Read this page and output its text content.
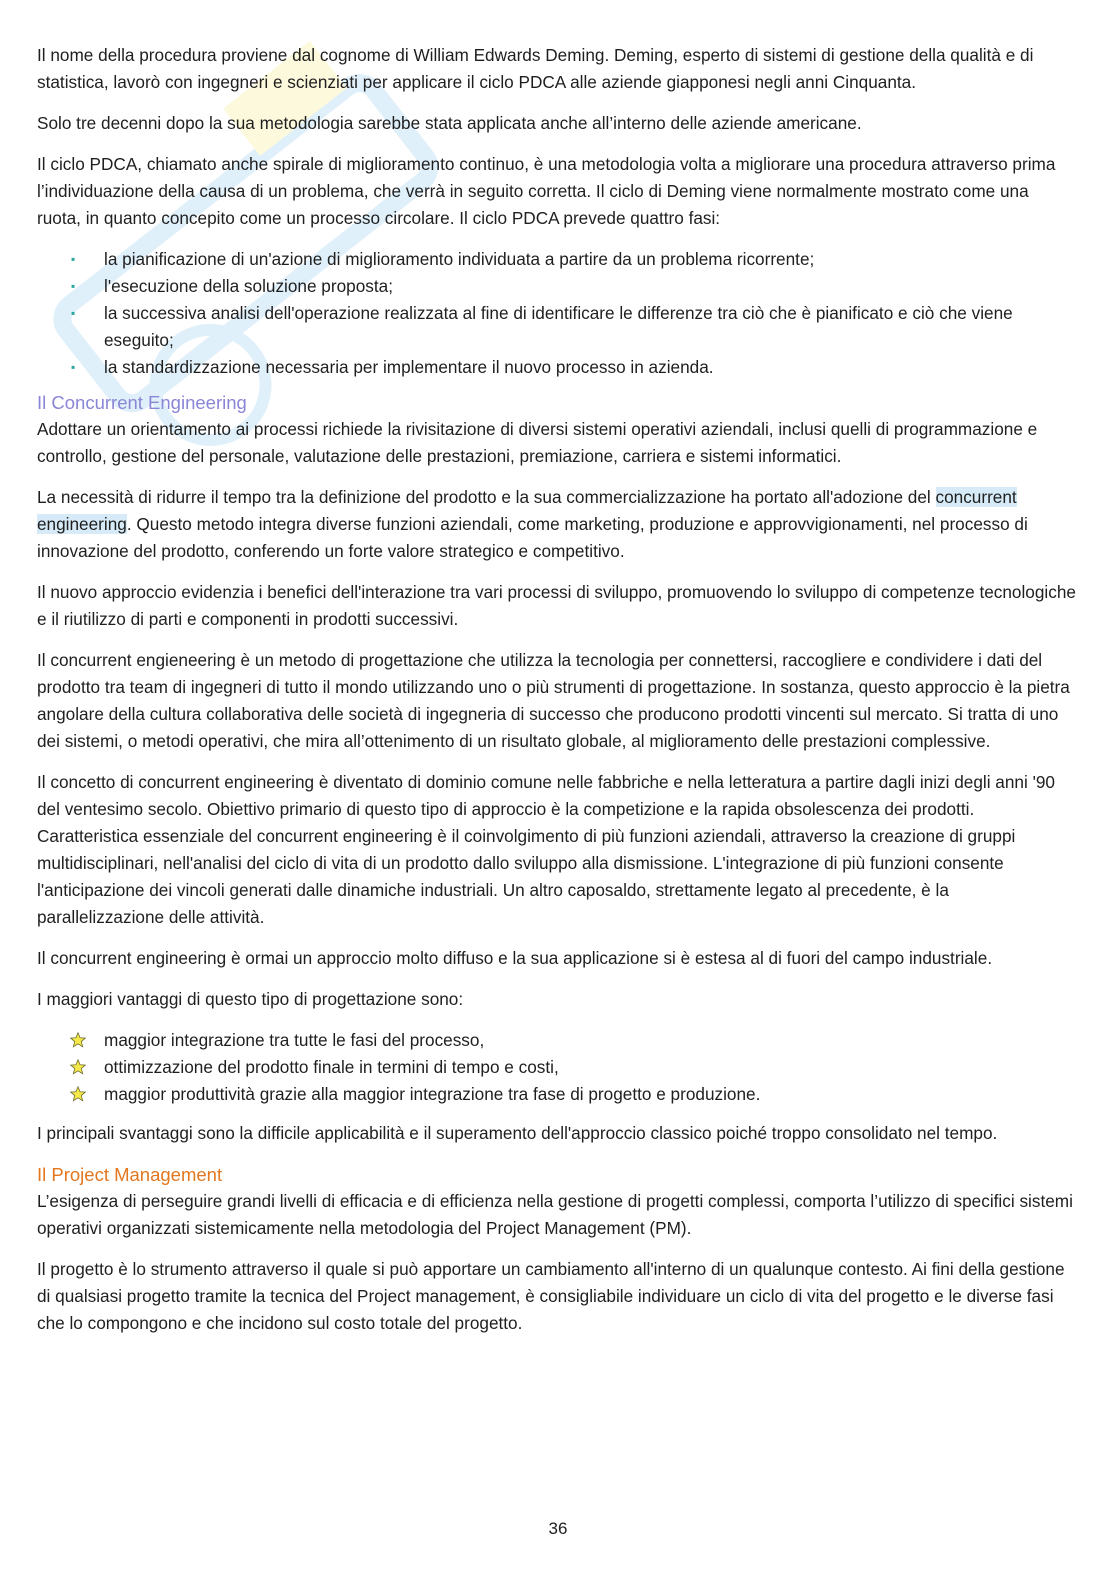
Il nome della procedura proviene dal cognome di William Edwards Deming. Deming, esperto di sistemi di gestione della qualità e di statistica, lavorò con ingegneri e scienziati per applicare il ciclo PDCA alle aziende giapponesi negli anni Cinquanta.

Solo tre decenni dopo la sua metodologia sarebbe stata applicata anche all’interno delle aziende americane.

Il ciclo PDCA, chiamato anche spirale di miglioramento continuo, è una metodologia volta a migliorare una procedura attraverso prima l’individuazione della causa di un problema, che verrà in seguito corretta. Il ciclo di Deming viene normalmente mostrato come una ruota, in quanto concepito come un processo circolare. Il ciclo PDCA prevede quattro fasi:

▪ la pianificazione di un'azione di miglioramento individuata a partire da un problema ricorrente;
▪ l'esecuzione della soluzione proposta;
▪ la successiva analisi dell'operazione realizzata al fine di identificare le differenze tra ciò che è pianificato e ciò che viene eseguito;
▪ la standardizzazione necessaria per implementare il nuovo processo in azienda.
Il Concurrent Engineering

Adottare un orientamento ai processi richiede la rivisitazione di diversi sistemi operativi aziendali, inclusi quelli di programmazione e controllo, gestione del personale, valutazione delle prestazioni, premiazione, carriera e sistemi informatici.

La necessità di ridurre il tempo tra la definizione del prodotto e la sua commercializzazione ha portato all'adozione del concurrent engineering. Questo metodo integra diverse funzioni aziendali, come marketing, produzione e approvvigionamenti, nel processo di innovazione del prodotto, conferendo un forte valore strategico e competitivo.

Il nuovo approccio evidenzia i benefici dell'interazione tra vari processi di sviluppo, promuovendo lo sviluppo di competenze tecnologiche e il riutilizzo di parti e componenti in prodotti successivi.

Il concurrent engieneering è un metodo di progettazione che utilizza la tecnologia per connettersi, raccogliere e condividere i dati del prodotto tra team di ingegneri di tutto il mondo utilizzando uno o più strumenti di progettazione. In sostanza, questo approccio è la pietra angolare della cultura collaborativa delle società di ingegneria di successo che producono prodotti vincenti sul mercato. Si tratta di uno dei sistemi, o metodi operativi, che mira all’ottenimento di un risultato globale, al miglioramento delle prestazioni complessive.

Il concetto di concurrent engineering è diventato di dominio comune nelle fabbriche e nella letteratura a partire dagli inizi degli anni '90 del ventesimo secolo. Obiettivo primario di questo tipo di approccio è la competizione e la rapida obsolescenza dei prodotti. Caratteristica essenziale del concurrent engineering è il coinvolgimento di più funzioni aziendali, attraverso la creazione di gruppi multidisciplinari, nell'analisi del ciclo di vita di un prodotto dallo sviluppo alla dismissione. L'integrazione di più funzioni consente l'anticipazione dei vincoli generati dalle dinamiche industriali. Un altro caposaldo, strettamente legato al precedente, è la parallelizzazione delle attività.

Il concurrent engineering è ormai un approccio molto diffuso e la sua applicazione si è estesa al di fuori del campo industriale.

I maggiori vantaggi di questo tipo di progettazione sono:

maggior integrazione tra tutte le fasi del processo,
ottimizzazione del prodotto finale in termini di tempo e costi,
maggior produttività grazie alla maggior integrazione tra fase di progetto e produzione.

I principali svantaggi sono la difficile applicabilità e il superamento dell'approccio classico poiché troppo consolidato nel tempo.

Il Project Management

L’esigenza di perseguire grandi livelli di efficacia e di efficienza nella gestione di progetti complessi, comporta l’utilizzo di specifici sistemi operativi organizzati sistemicamente nella metodologia del Project Management (PM).

Il progetto è lo strumento attraverso il quale si può apportare un cambiamento all'interno di un qualunque contesto. Ai fini della gestione di qualsiasi progetto tramite la tecnica del Project management, è consigliabile individuare un ciclo di vita del progetto e le diverse fasi che lo compongono e che incidono sul costo totale del progetto.

36
